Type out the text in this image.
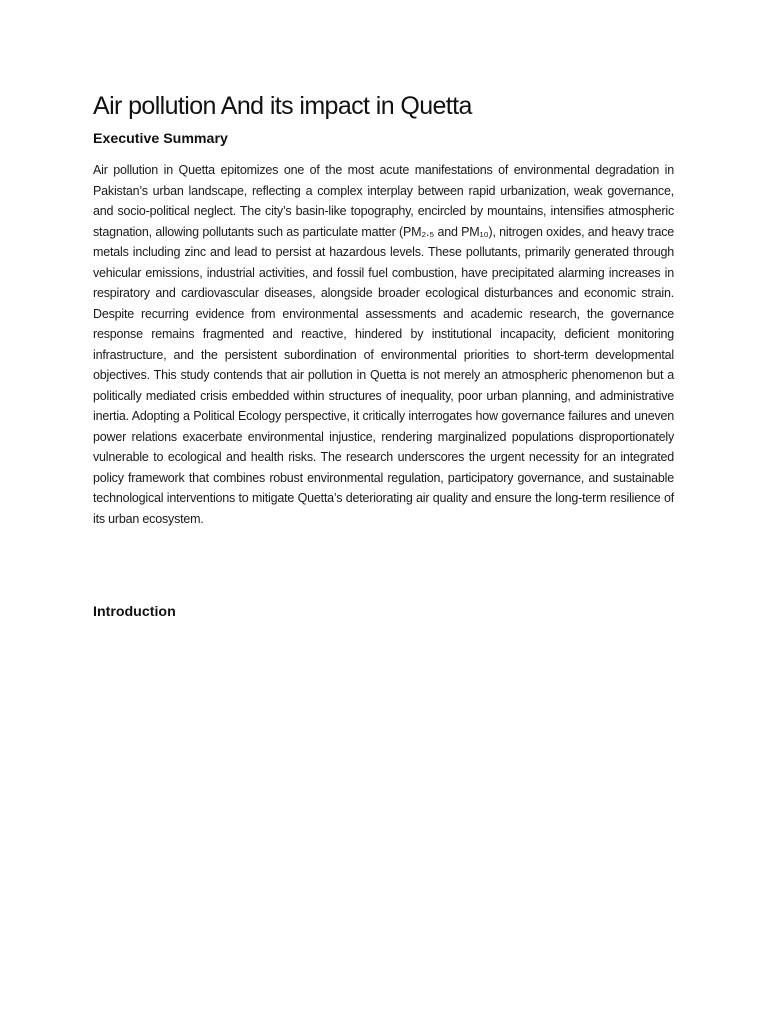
Air pollution And its impact in Quetta
Executive Summary

Air pollution in Quetta epitomizes one of the most acute manifestations of environmental degradation in Pakistan’s urban landscape, reflecting a complex interplay between rapid urbanization, weak governance, and socio-political neglect. The city’s basin-like topography, encircled by mountains, intensifies atmospheric stagnation, allowing pollutants such as particulate matter (PM₂.₅ and PM₁₀), nitrogen oxides, and heavy trace metals including zinc and lead to persist at hazardous levels. These pollutants, primarily generated through vehicular emissions, industrial activities, and fossil fuel combustion, have precipitated alarming increases in respiratory and cardiovascular diseases, alongside broader ecological disturbances and economic strain. Despite recurring evidence from environmental assessments and academic research, the governance response remains fragmented and reactive, hindered by institutional incapacity, deficient monitoring infrastructure, and the persistent subordination of environmental priorities to short-term developmental objectives. This study contends that air pollution in Quetta is not merely an atmospheric phenomenon but a politically mediated crisis embedded within structures of inequality, poor urban planning, and administrative inertia. Adopting a Political Ecology perspective, it critically interrogates how governance failures and uneven power relations exacerbate environmental injustice, rendering marginalized populations disproportionately vulnerable to ecological and health risks. The research underscores the urgent necessity for an integrated policy framework that combines robust environmental regulation, participatory governance, and sustainable technological interventions to mitigate Quetta’s deteriorating air quality and ensure the long-term resilience of its urban ecosystem.

Introduction
